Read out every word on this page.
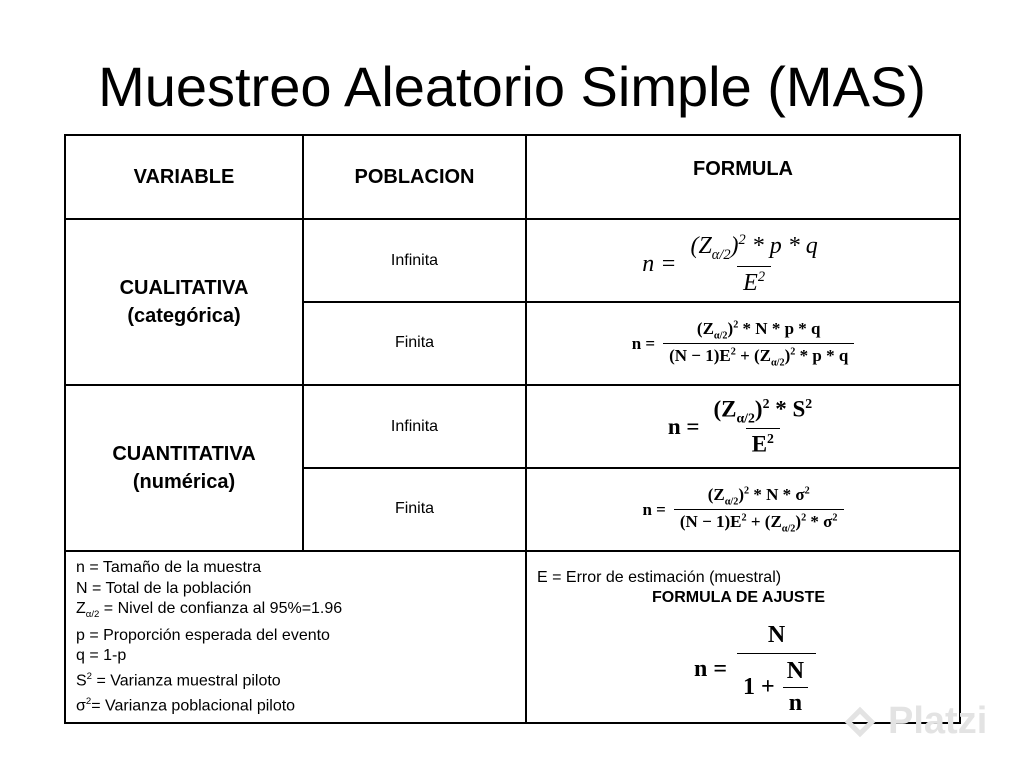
Muestreo Aleatorio Simple (MAS)
VARIABLE	POBLACION	FORMULA
CUALITATIVA
(categórica)
CUANTITATIVA
(numérica)
Infinita
Finita
Infinita
Finita
$n = \frac{(Z_{\alpha/2})^2 * p * q}{E^2}$
$n = \frac{(Z_{\alpha/2})^2 * N * p * q}{(N - 1)E^2 + (Z_{\alpha/2})^2 * p * q}$
$n = \frac{(Z_{\alpha/2})^2 * S^2}{E^2}$
$n = \frac{(Z_{\alpha/2})^2 * N * \sigma^2}{(N - 1)E^2 + (Z_{\alpha/2})^2 * \sigma^2}$
n = Tamaño de la muestra
N = Total de la población
$Z_{\alpha/2}$ = Nivel de confianza al 95%=1.96
p = Proporción esperada del evento
q = 1-p
$S^2$ = Varianza muestral piloto
$\sigma^2=$ Varianza poblacional piloto
E = Error de estimación (muestral)
FORMULA DE AJUSTE
$n = \frac{N}{1 + \frac{N}{n}}$
Platzi
